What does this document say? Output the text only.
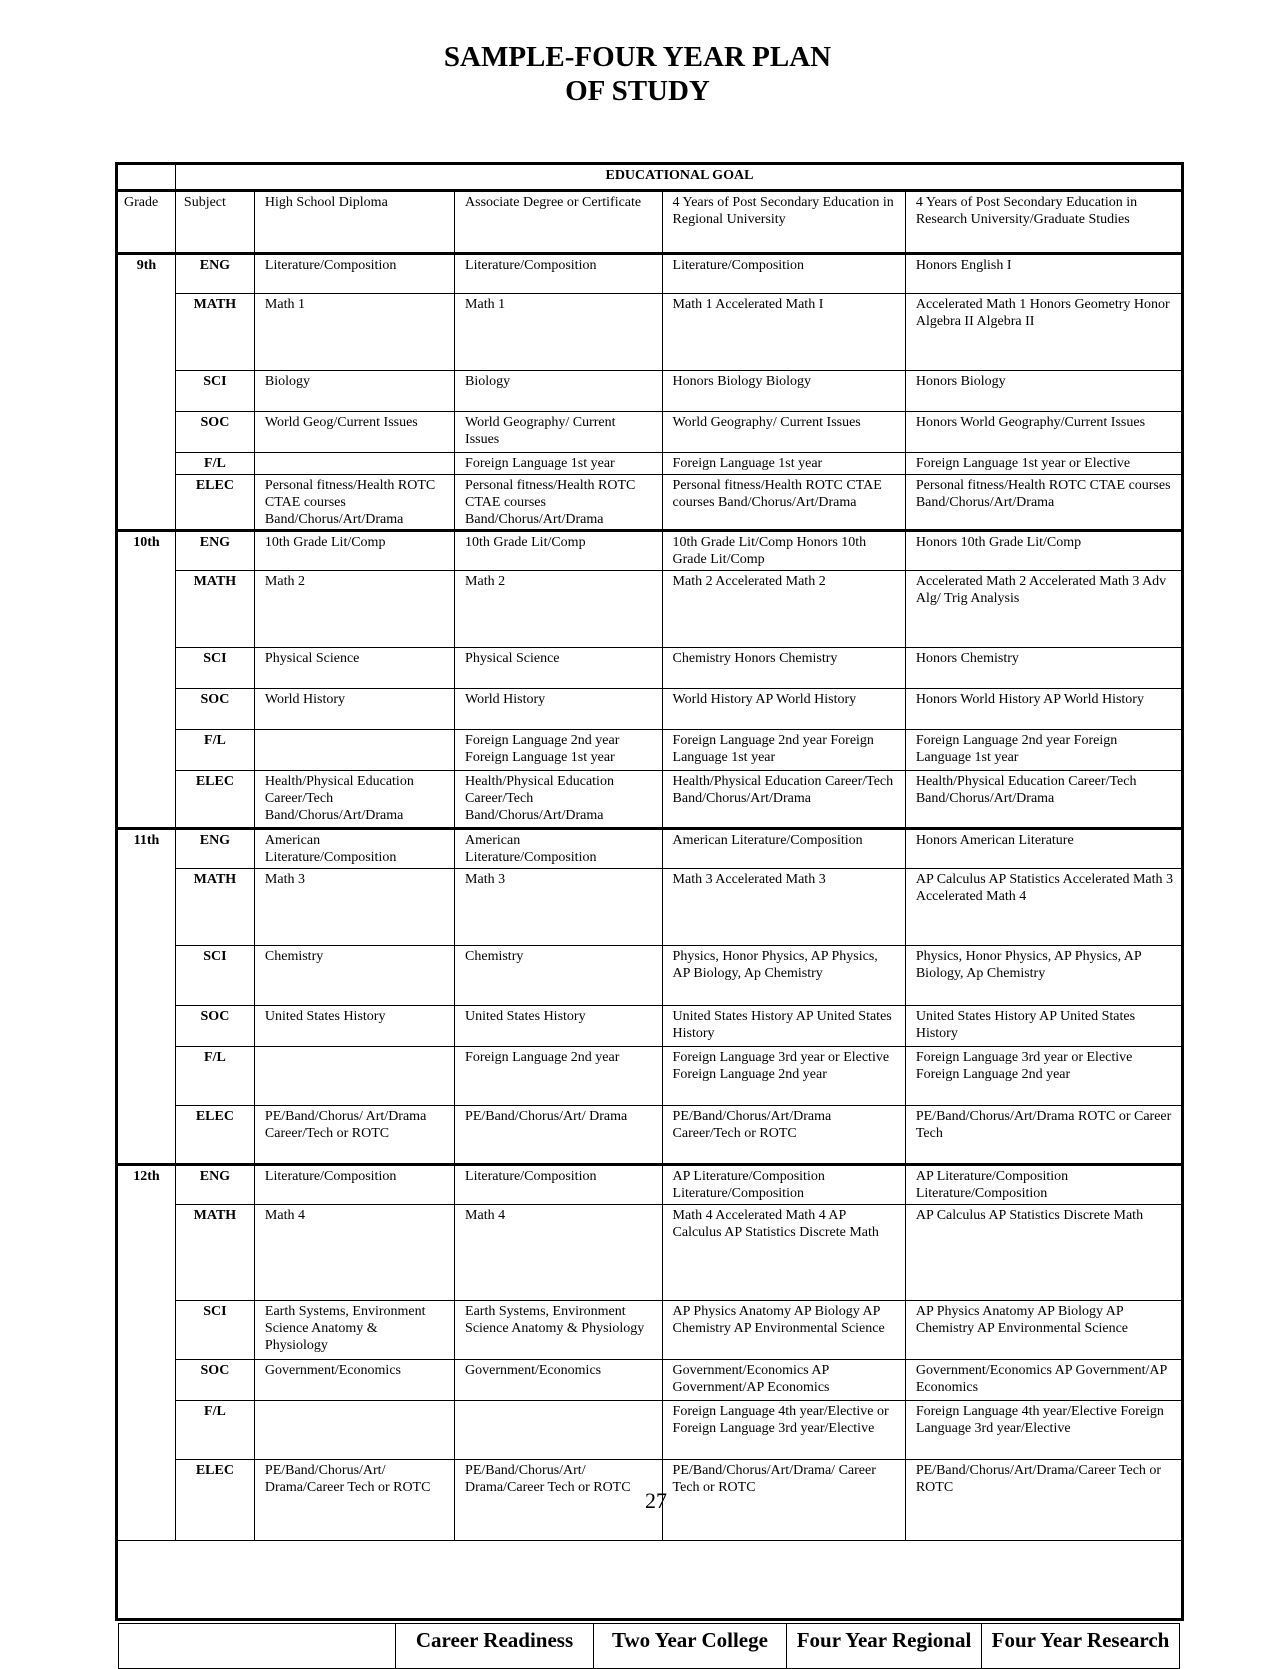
SAMPLE-FOUR YEAR PLAN
OF STUDY
	EDUCATIONAL GOAL				
Grade	Subject	High School Diploma	Associate Degree or Certificate	4 Years of Post Secondary Education in Regional University	4 Years of Post Secondary Education in Research University/Graduate Studies
9th	ENG	Literature/Composition	Literature/Composition	Literature/Composition	Honors English I
	MATH	Math 1	Math 1	Math 1 Accelerated Math I	Accelerated Math 1 Honors Geometry Honor Algebra II Algebra II
	SCI	Biology	Biology	Honors Biology Biology	Honors Biology
	SOC	World Geog/Current Issues	World Geography/ Current Issues	World Geography/ Current Issues	Honors World Geography/Current Issues
	F/L		Foreign Language 1st year	Foreign Language 1st year	Foreign Language 1st year or Elective
	ELEC	Personal fitness/Health ROTC CTAE courses Band/Chorus/Art/Drama	Personal fitness/Health ROTC CTAE courses Band/Chorus/Art/Drama	Personal fitness/Health ROTC CTAE courses Band/Chorus/Art/Drama	Personal fitness/Health ROTC CTAE courses Band/Chorus/Art/Drama
10th	ENG	10th Grade Lit/Comp	10th Grade Lit/Comp	10th Grade Lit/Comp Honors 10th Grade Lit/Comp	Honors 10th Grade Lit/Comp
	MATH	Math 2	Math 2	Math 2 Accelerated Math 2	Accelerated Math 2 Accelerated Math 3 Adv Alg/ Trig Analysis
	SCI	Physical Science	Physical Science	Chemistry Honors Chemistry	Honors Chemistry
	SOC	World History	World History	World History AP World History	Honors World History AP World History
	F/L		Foreign Language 2nd year Foreign Language 1st year	Foreign Language 2nd year Foreign Language 1st year	Foreign Language 2nd year Foreign Language 1st year
	ELEC	Health/Physical Education Career/Tech Band/Chorus/Art/Drama	Health/Physical Education Career/Tech Band/Chorus/Art/Drama	Health/Physical Education Career/Tech Band/Chorus/Art/Drama	Health/Physical Education Career/Tech Band/Chorus/Art/Drama
11th	ENG	American Literature/Composition	American Literature/Composition	American Literature/Composition	Honors American Literature
	MATH	Math 3	Math 3	Math 3 Accelerated Math 3	AP Calculus AP Statistics Accelerated Math 3 Accelerated Math 4
	SCI	Chemistry	Chemistry	Physics, Honor Physics, AP Physics, AP Biology, Ap Chemistry	Physics, Honor Physics, AP Physics, AP Biology, Ap Chemistry
	SOC	United States History	United States History	United States History AP United States History	United States History AP United States History
	F/L		Foreign Language 2nd year	Foreign Language 3rd year or Elective Foreign Language 2nd year	Foreign Language 3rd year or Elective Foreign Language 2nd year
	ELEC	PE/Band/Chorus/ Art/Drama Career/Tech or ROTC	PE/Band/Chorus/Art/ Drama	PE/Band/Chorus/Art/Drama Career/Tech or ROTC	PE/Band/Chorus/Art/Drama ROTC or Career Tech
12th	ENG	Literature/Composition	Literature/Composition	AP Literature/Composition Literature/Composition	AP Literature/Composition Literature/Composition
	MATH	Math 4	Math 4	Math 4 Accelerated Math 4 AP Calculus AP Statistics Discrete Math	AP Calculus AP Statistics Discrete Math
	SCI	Earth Systems, Environment Science Anatomy & Physiology	Earth Systems, Environment Science Anatomy & Physiology	AP Physics Anatomy AP Biology AP Chemistry AP Environmental Science	AP Physics Anatomy AP Biology AP Chemistry AP Environmental Science
	SOC	Government/Economics	Government/Economics	Government/Economics AP Government/AP Economics	Government/Economics AP Government/AP Economics
	F/L			Foreign Language 4th year/Elective or Foreign Language 3rd year/Elective	Foreign Language 4th year/Elective Foreign Language 3rd year/Elective
	ELEC	PE/Band/Chorus/Art/ Drama/Career Tech or ROTC	PE/Band/Chorus/Art/ Drama/Career Tech or ROTC	PE/Band/Chorus/Art/Drama/ Career Tech or ROTC	PE/Band/Chorus/Art/Drama/Career Tech or ROTC
27
	Career Readiness	Two Year College	Four Year Regional	Four Year Research
